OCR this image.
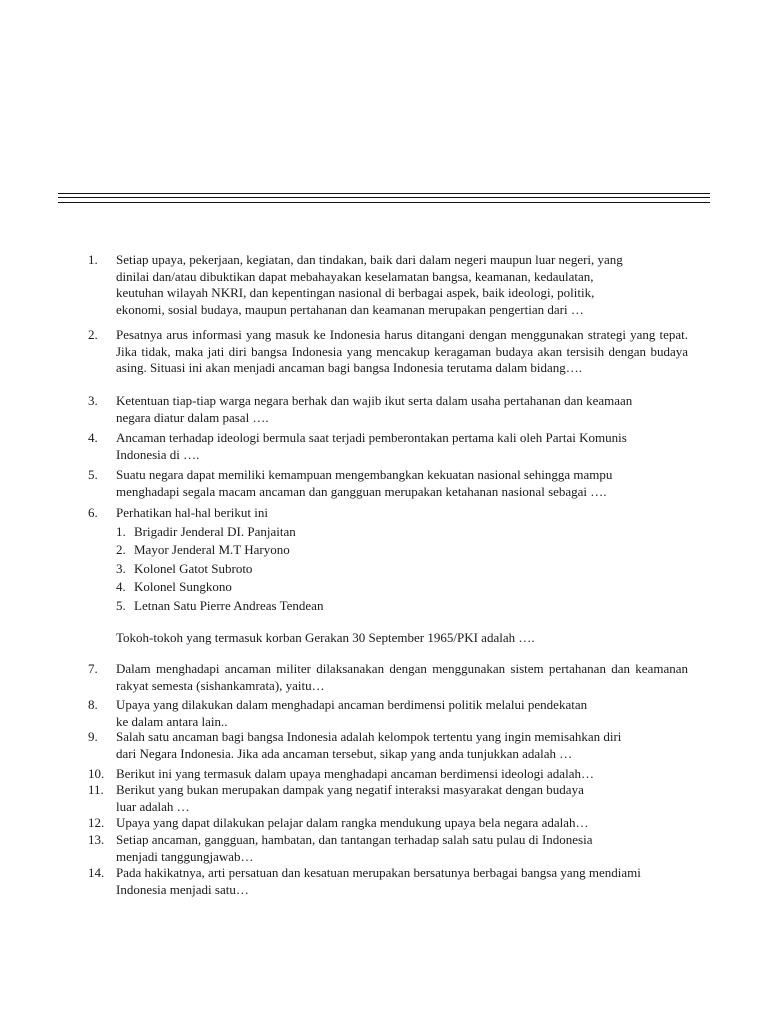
1. Setiap upaya, pekerjaan, kegiatan, dan tindakan, baik dari dalam negeri maupun luar negeri, yang
dinilai dan/atau dibuktikan dapat mebahayakan keselamatan bangsa, keamanan, kedaulatan,
keutuhan wilayah NKRI, dan kepentingan nasional di berbagai aspek, baik ideologi, politik,
ekonomi, sosial budaya, maupun pertahanan dan keamanan merupakan pengertian dari …
2. Pesatnya arus informasi yang masuk ke Indonesia harus ditangani dengan menggunakan strategi yang tepat. Jika tidak, maka jati diri bangsa Indonesia yang mencakup keragaman budaya akan tersisih dengan budaya asing. Situasi ini akan menjadi ancaman bagi bangsa Indonesia terutama dalam bidang….
3. Ketentuan tiap-tiap warga negara berhak dan wajib ikut serta dalam usaha pertahanan dan keamaan
negara diatur dalam pasal ….
4. Ancaman terhadap ideologi bermula saat terjadi pemberontakan pertama kali oleh Partai Komunis
Indonesia di ….
5. Suatu negara dapat memiliki kemampuan mengembangkan kekuatan nasional sehingga mampu
menghadapi segala macam ancaman dan gangguan merupakan ketahanan nasional sebagai ….
6. Perhatikan hal-hal berikut ini
1. Brigadir Jenderal DI. Panjaitan
2. Mayor Jenderal M.T Haryono
3. Kolonel Gatot Subroto
4. Kolonel Sungkono
5. Letnan Satu Pierre Andreas Tendean
Tokoh-tokoh yang termasuk korban Gerakan 30 September 1965/PKI adalah ….
7. Dalam menghadapi ancaman militer dilaksanakan dengan menggunakan sistem pertahanan dan keamanan rakyat semesta (sishankamrata), yaitu…
8. Upaya yang dilakukan dalam menghadapi ancaman berdimensi politik melalui pendekatan
ke dalam antara lain..
9. Salah satu ancaman bagi bangsa Indonesia adalah kelompok tertentu yang ingin memisahkan diri
dari Negara Indonesia. Jika ada ancaman tersebut, sikap yang anda tunjukkan adalah …
10. Berikut ini yang termasuk dalam upaya menghadapi ancaman berdimensi ideologi adalah…
11. Berikut yang bukan merupakan dampak yang negatif interaksi masyarakat dengan budaya
luar adalah …
12. Upaya yang dapat dilakukan pelajar dalam rangka mendukung upaya bela negara adalah…
13. Setiap ancaman, gangguan, hambatan, dan tantangan terhadap salah satu pulau di Indonesia
menjadi tanggungjawab…
14. Pada hakikatnya, arti persatuan dan kesatuan merupakan bersatunya berbagai bangsa yang mendiami
Indonesia menjadi satu…
